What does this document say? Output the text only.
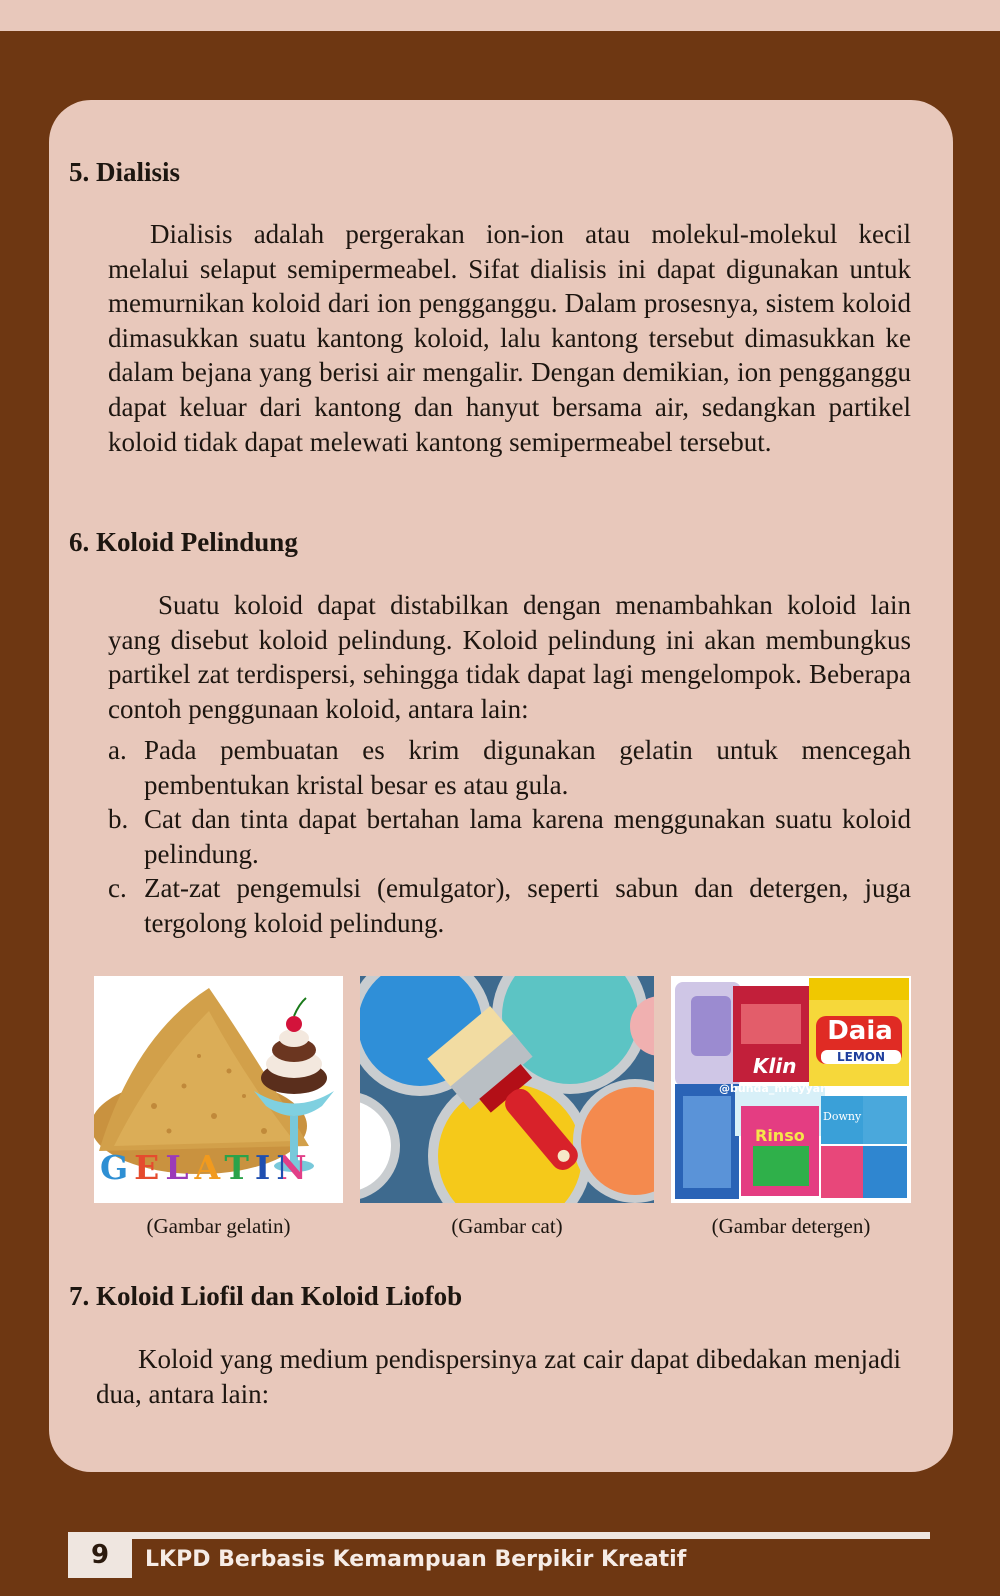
5. Dialisis

Dialisis adalah pergerakan ion-ion atau molekul-molekul kecil melalui selaput semipermeabel. Sifat dialisis ini dapat digunakan untuk memurnikan koloid dari ion pengganggu. Dalam prosesnya, sistem koloid dimasukkan suatu kantong koloid, lalu kantong tersebut dimasukkan ke dalam bejana yang berisi air mengalir. Dengan demikian, ion pengganggu dapat keluar dari kantong dan hanyut bersama air, sedangkan partikel koloid tidak dapat melewati kantong semipermeabel tersebut.

6. Koloid Pelindung

Suatu koloid dapat distabilkan dengan menambahkan koloid lain yang disebut koloid pelindung. Koloid pelindung ini akan membungkus partikel zat terdispersi, sehingga tidak dapat lagi mengelompok. Beberapa contoh penggunaan koloid, antara lain:

a. Pada pembuatan es krim digunakan gelatin untuk mencegah pembentukan kristal besar es atau gula.
b. Cat dan tinta dapat bertahan lama karena menggunakan suatu koloid pelindung.
c. Zat-zat pengemulsi (emulgator), seperti sabun dan detergen, juga tergolong koloid pelindung.
GELATIN
(Gambar gelatin)	(Gambar cat)
Daia
LEMON
Klin
@bunda_mrayyana
Rinso
Downy
(Gambar detergen)
7. Koloid Liofil dan Koloid Liofob

Koloid yang medium pendispersinya zat cair dapat dibedakan menjadi dua, antara lain:

9	LKPD Berbasis Kemampuan Berpikir Kreatif
